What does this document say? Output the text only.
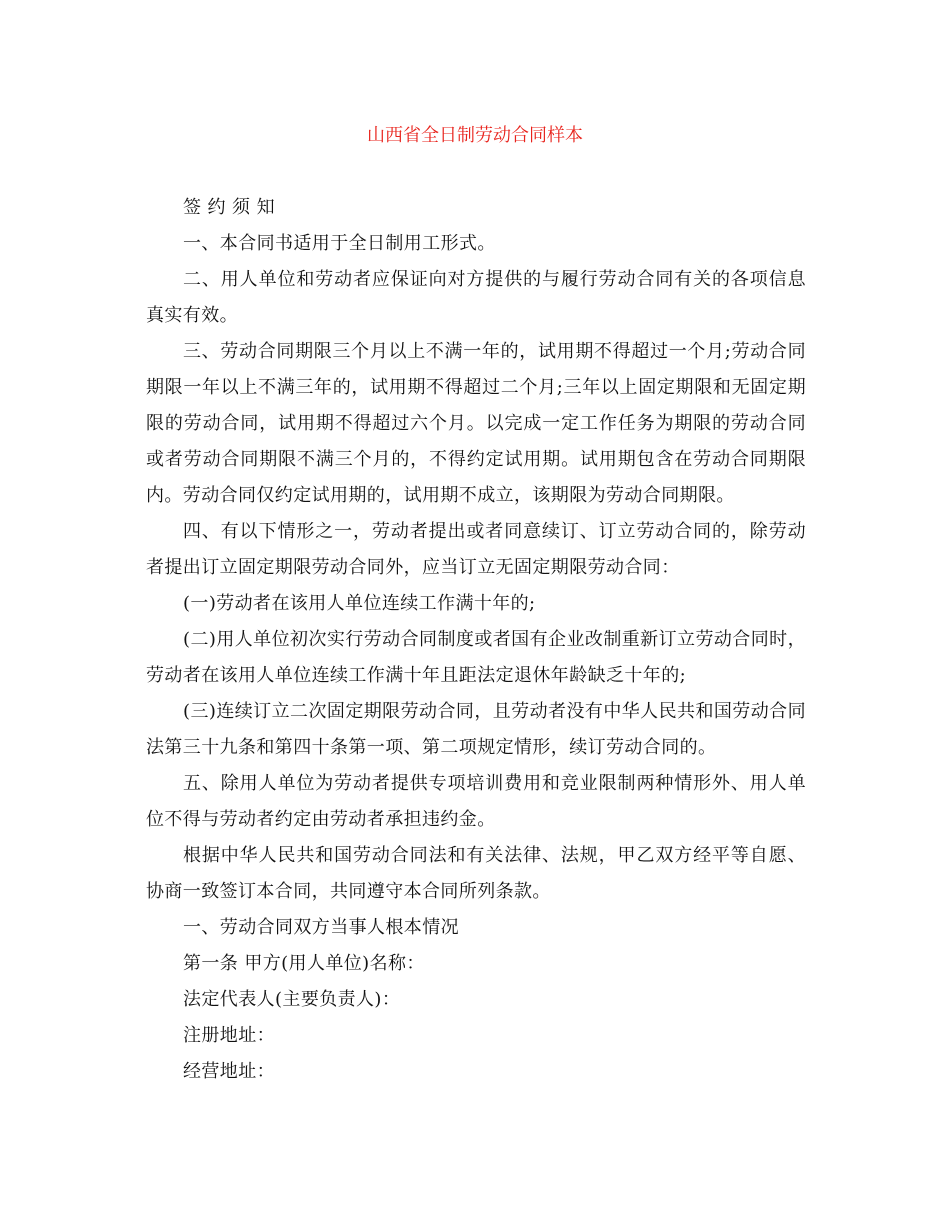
山西省全日制劳动合同样本

签 约 须 知

一、本合同书适用于全日制用工形式。

二、用人单位和劳动者应保证向对方提供的与履行劳动合同有关的各项信息真实有效。

三、劳动合同期限三个月以上不满一年的，试用期不得超过一个月;劳动合同期限一年以上不满三年的，试用期不得超过二个月;三年以上固定期限和无固定期限的劳动合同，试用期不得超过六个月。以完成一定工作任务为期限的劳动合同或者劳动合同期限不满三个月的，不得约定试用期。试用期包含在劳动合同期限内。劳动合同仅约定试用期的，试用期不成立，该期限为劳动合同期限。

四、有以下情形之一，劳动者提出或者同意续订、订立劳动合同的，除劳动者提出订立固定期限劳动合同外，应当订立无固定期限劳动合同：

(一)劳动者在该用人单位连续工作满十年的;

(二)用人单位初次实行劳动合同制度或者国有企业改制重新订立劳动合同时，劳动者在该用人单位连续工作满十年且距法定退休年龄缺乏十年的;

(三)连续订立二次固定期限劳动合同，且劳动者没有中华人民共和国劳动合同法第三十九条和第四十条第一项、第二项规定情形，续订劳动合同的。

五、除用人单位为劳动者提供专项培训费用和竞业限制两种情形外、用人单位不得与劳动者约定由劳动者承担违约金。

根据中华人民共和国劳动合同法和有关法律、法规，甲乙双方经平等自愿、协商一致签订本合同，共同遵守本合同所列条款。

一、劳动合同双方当事人根本情况

第一条 甲方(用人单位)名称：

法定代表人(主要负责人)：

注册地址：

经营地址：
